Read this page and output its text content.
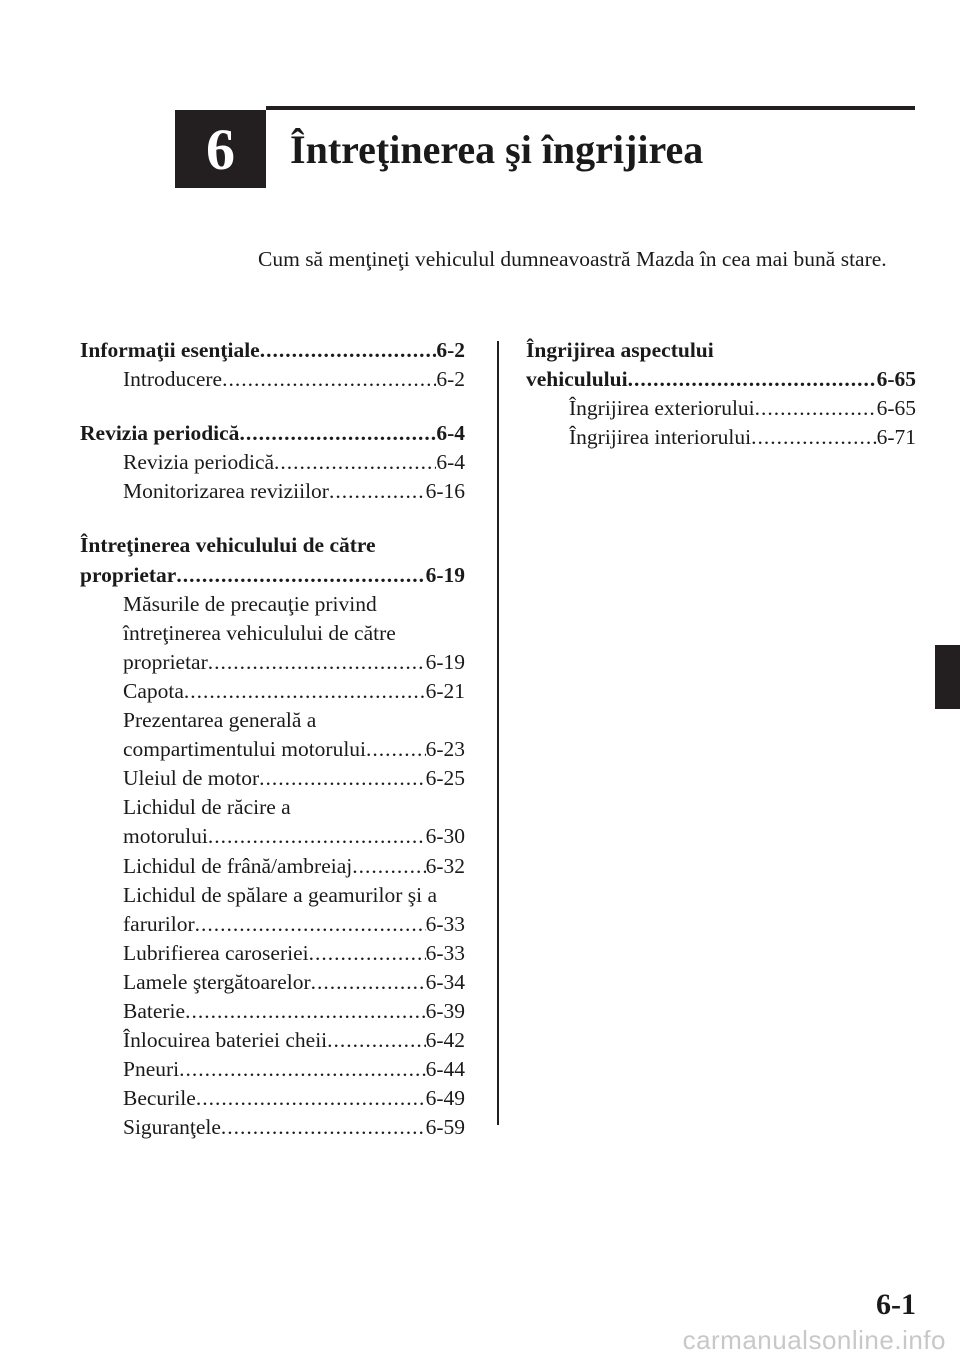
6 Întreţinerea şi îngrijirea
Cum să menţineţi vehiculul dumneavoastră Mazda în cea mai bună stare.
Informaţii esenţiale .....	6-2
Introducere .....	6-2
Revizia periodică .....	6-4
Revizia periodică .....	6-4
Monitorizarea reviziilor .....	6-16
Întreţinerea vehiculului de către
proprietar .....	6-19
Măsurile de precauţie privind
întreţinerea vehiculului de către
proprietar .....	6-19
Capota .....	6-21
Prezentarea generală a
compartimentului motorului .....	6-23
Uleiul de motor .....	6-25
Lichidul de răcire a
motorului .....	6-30
Lichidul de frână/ambreiaj .....	6-32
Lichidul de spălare a geamurilor şi a
farurilor .....	6-33
Lubrifierea caroseriei .....	6-33
Lamele ştergătoarelor .....	6-34
Baterie .....	6-39
Înlocuirea bateriei cheii .....	6-42
Pneuri .....	6-44
Becurile .....	6-49
Siguranţele .....	6-59
Îngrijirea aspectului
vehiculului .....	6-65
Îngrijirea exteriorului .....	6-65
Îngrijirea interiorului .....	6-71
6-1
carmanualsonline.info
